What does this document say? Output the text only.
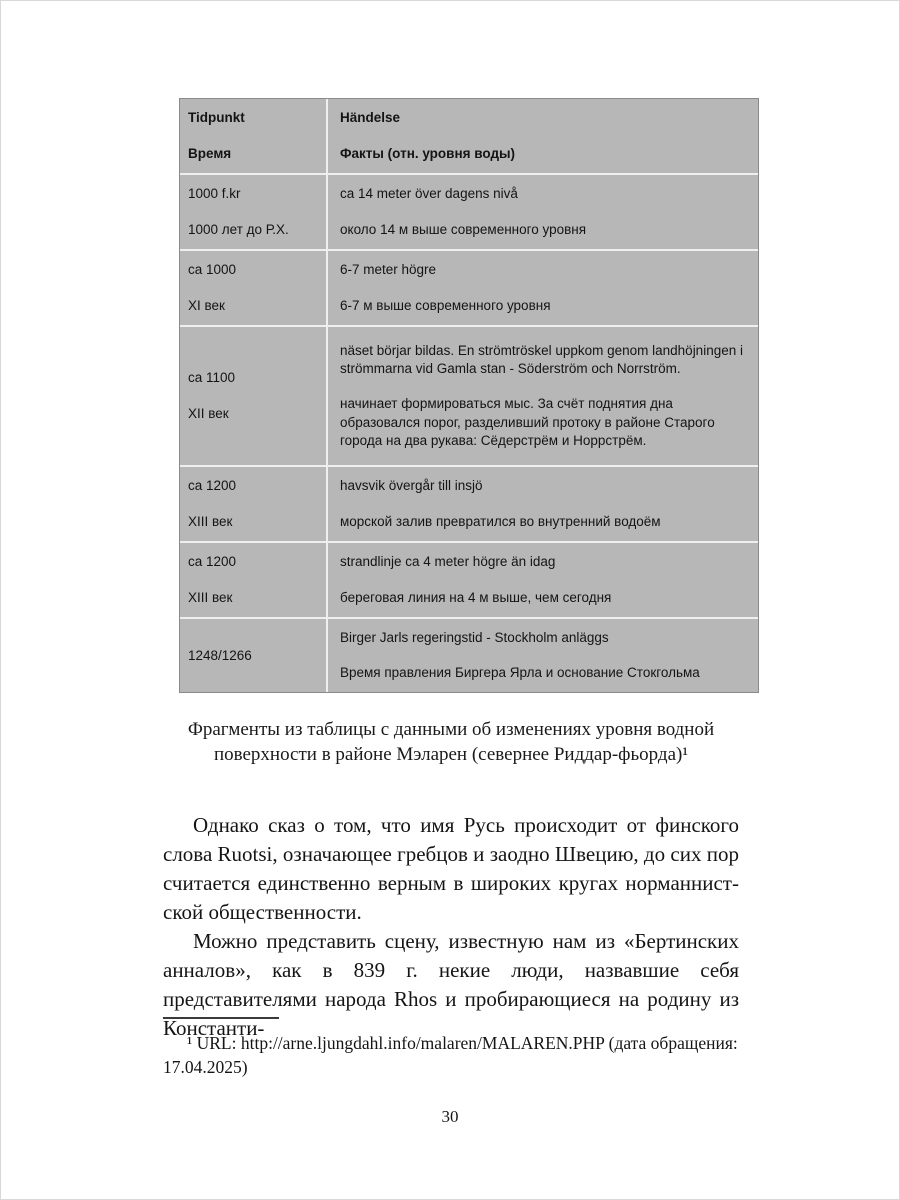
Tidpunkt

Время

Händelse

Факты (отн. уровня воды)

1000 f.kr

1000 лет до Р.Х.

ca 14 meter över dagens nivå

около 14 м выше современного уровня

ca 1000

XI век

6-7 meter högre

6-7 м выше современного уровня

ca 1100

XII век

näset börjar bildas. En strömtröskel uppkom genom landhöjningen i strömmarna vid Gamla stan - Söderström och Norrström.

начинает формироваться мыс. За счёт поднятия дна образовался порог, разделивший протоку в районе Старого города на два рукава: Сёдерстрём и Норрстрём.

ca 1200

XIII век

havsvik övergår till insjö

морской залив превратился во внутренний водоём

ca 1200

XIII век

strandlinje ca 4 meter högre än idag

береговая линия на 4 м выше, чем сегодня

1248/1266

Birger Jarls regeringstid - Stockholm anläggs

Время правления Биргера Ярла и основание Стокгольма

Фрагменты из таблицы с данными об изменениях уровня водной поверхности в районе Мэларен (севернее Риддар-фьорда)¹

Однако сказ о том, что имя Русь происходит от финского слова Ruotsi, означающее гребцов и заодно Швецию, до сих пор считается единственно верным в широких кругах норманнистской общественности.

Можно представить сцену, известную нам из «Бертинских анналов», как в 839 г. некие люди, назвавшие себя представителями народа Rhos и пробирающиеся на родину из Константи-

¹ URL: http://arne.ljungdahl.info/malaren/MALAREN.PHP (дата обращения: 17.04.2025)

30
